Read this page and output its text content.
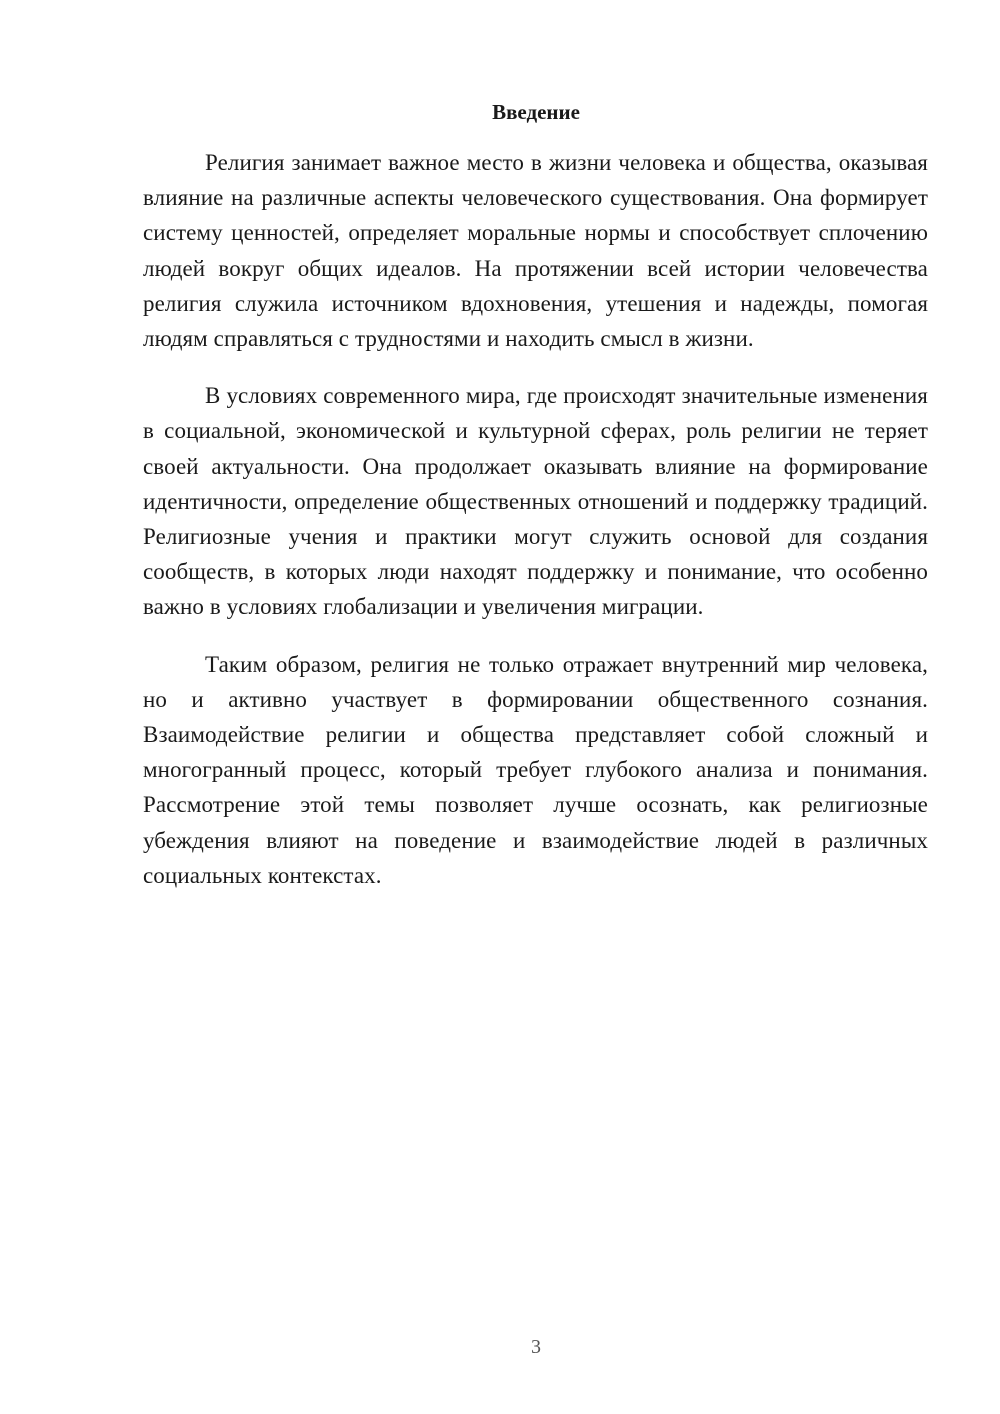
Введение

Религия занимает важное место в жизни человека и общества, оказывая влияние на различные аспекты человеческого существования. Она формирует систему ценностей, определяет моральные нормы и способствует сплочению людей вокруг общих идеалов. На протяжении всей истории человечества религия служила источником вдохновения, утешения и надежды, помогая людям справляться с трудностями и находить смысл в жизни.

В условиях современного мира, где происходят значительные изменения в социальной, экономической и культурной сферах, роль религии не теряет своей актуальности. Она продолжает оказывать влияние на формирование идентичности, определение общественных отношений и поддержку традиций. Религиозные учения и практики могут служить основой для создания сообществ, в которых люди находят поддержку и понимание, что особенно важно в условиях глобализации и увеличения миграции.

Таким образом, религия не только отражает внутренний мир человека, но и активно участвует в формировании общественного сознания. Взаимодействие религии и общества представляет собой сложный и многогранный процесс, который требует глубокого анализа и понимания. Рассмотрение этой темы позволяет лучше осознать, как религиозные убеждения влияют на поведение и взаимодействие людей в различных социальных контекстах.

3
